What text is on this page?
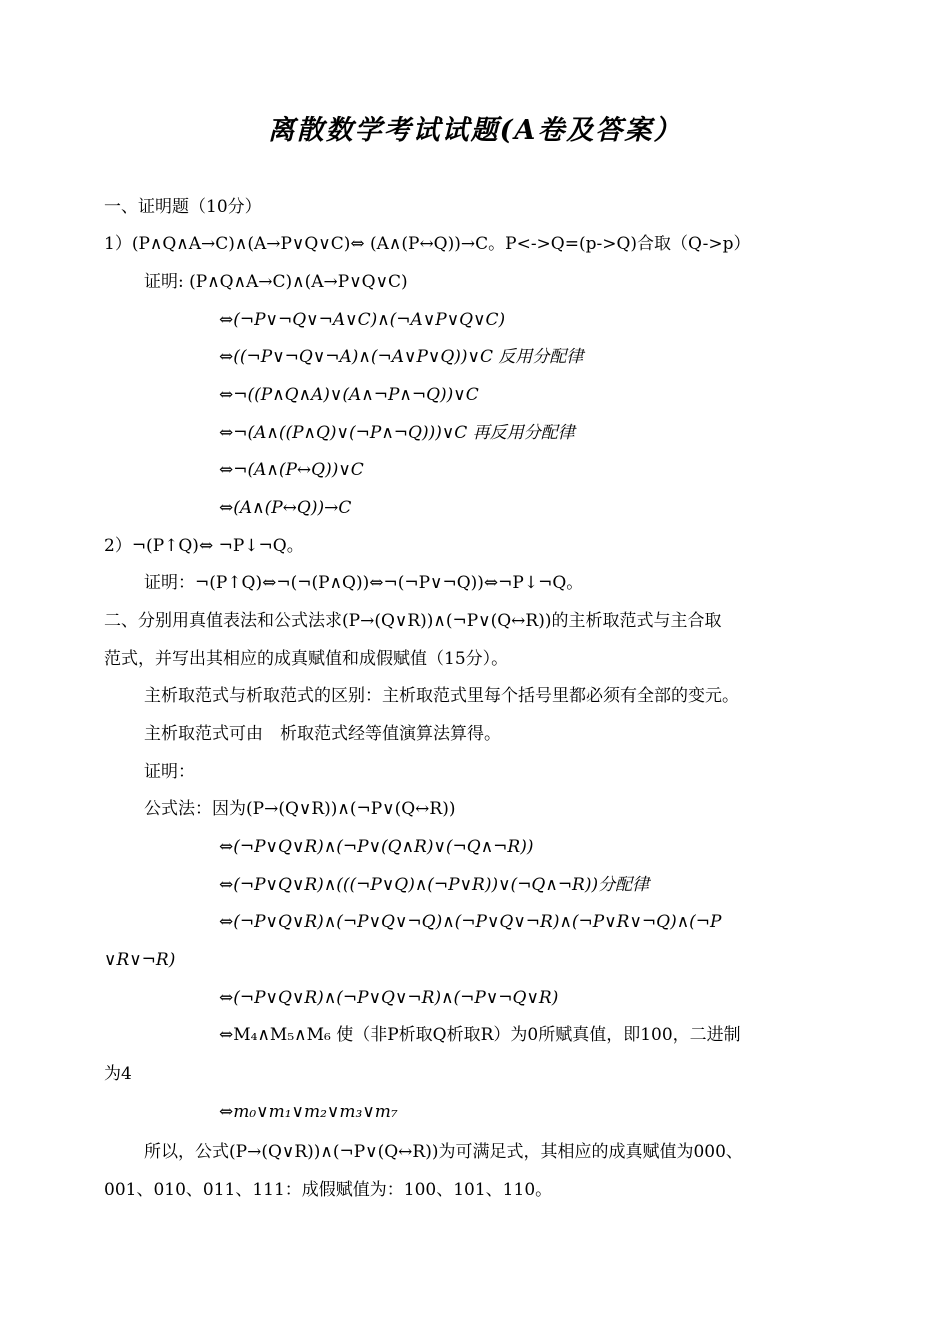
离散数学考试试题(A卷及答案）
一、证明题（10分）
1）(P∧Q∧A→C)∧(A→P∨Q∨C)⇔ (A∧(P↔Q))→C。P<->Q=(p->Q)合取（Q->p）
证明: (P∧Q∧A→C)∧(A→P∨Q∨C)
⇔(¬P∨¬Q∨¬A∨C)∧(¬A∨P∨Q∨C)
⇔((¬P∨¬Q∨¬A)∧(¬A∨P∨Q))∨C 反用分配律
⇔¬((P∧Q∧A)∨(A∧¬P∧¬Q))∨C
⇔¬(A∧((P∧Q)∨(¬P∧¬Q)))∨C 再反用分配律
⇔¬(A∧(P↔Q))∨C
⇔(A∧(P↔Q))→C
2）¬(P↑Q)⇔ ¬P↓¬Q。
证明：¬(P↑Q)⇔¬(¬(P∧Q))⇔¬(¬P∨¬Q))⇔¬P↓¬Q。
二、分别用真值表法和公式法求(P→(Q∨R))∧(¬P∨(Q↔R))的主析取范式与主合取
范式，并写出其相应的成真赋值和成假赋值（15分）。
主析取范式与析取范式的区别：主析取范式里每个括号里都必须有全部的变元。
主析取范式可由　析取范式经等值演算法算得。
证明：
公式法：因为(P→(Q∨R))∧(¬P∨(Q↔R))
⇔(¬P∨Q∨R)∧(¬P∨(Q∧R)∨(¬Q∧¬R))
⇔(¬P∨Q∨R)∧(((¬P∨Q)∧(¬P∨R))∨(¬Q∧¬R))分配律
⇔(¬P∨Q∨R)∧(¬P∨Q∨¬Q)∧(¬P∨Q∨¬R)∧(¬P∨R∨¬Q)∧(¬P
∨R∨¬R)
⇔(¬P∨Q∨R)∧(¬P∨Q∨¬R)∧(¬P∨¬Q∨R)
⇔M₄∧M₅∧M₆ 使（非P析取Q析取R）为0所赋真值，即100，二进制
为4
⇔m₀∨m₁∨m₂∨m₃∨m₇
所以，公式(P→(Q∨R))∧(¬P∨(Q↔R))为可满足式，其相应的成真赋值为000、
001、010、011、111：成假赋值为：100、101、110。
